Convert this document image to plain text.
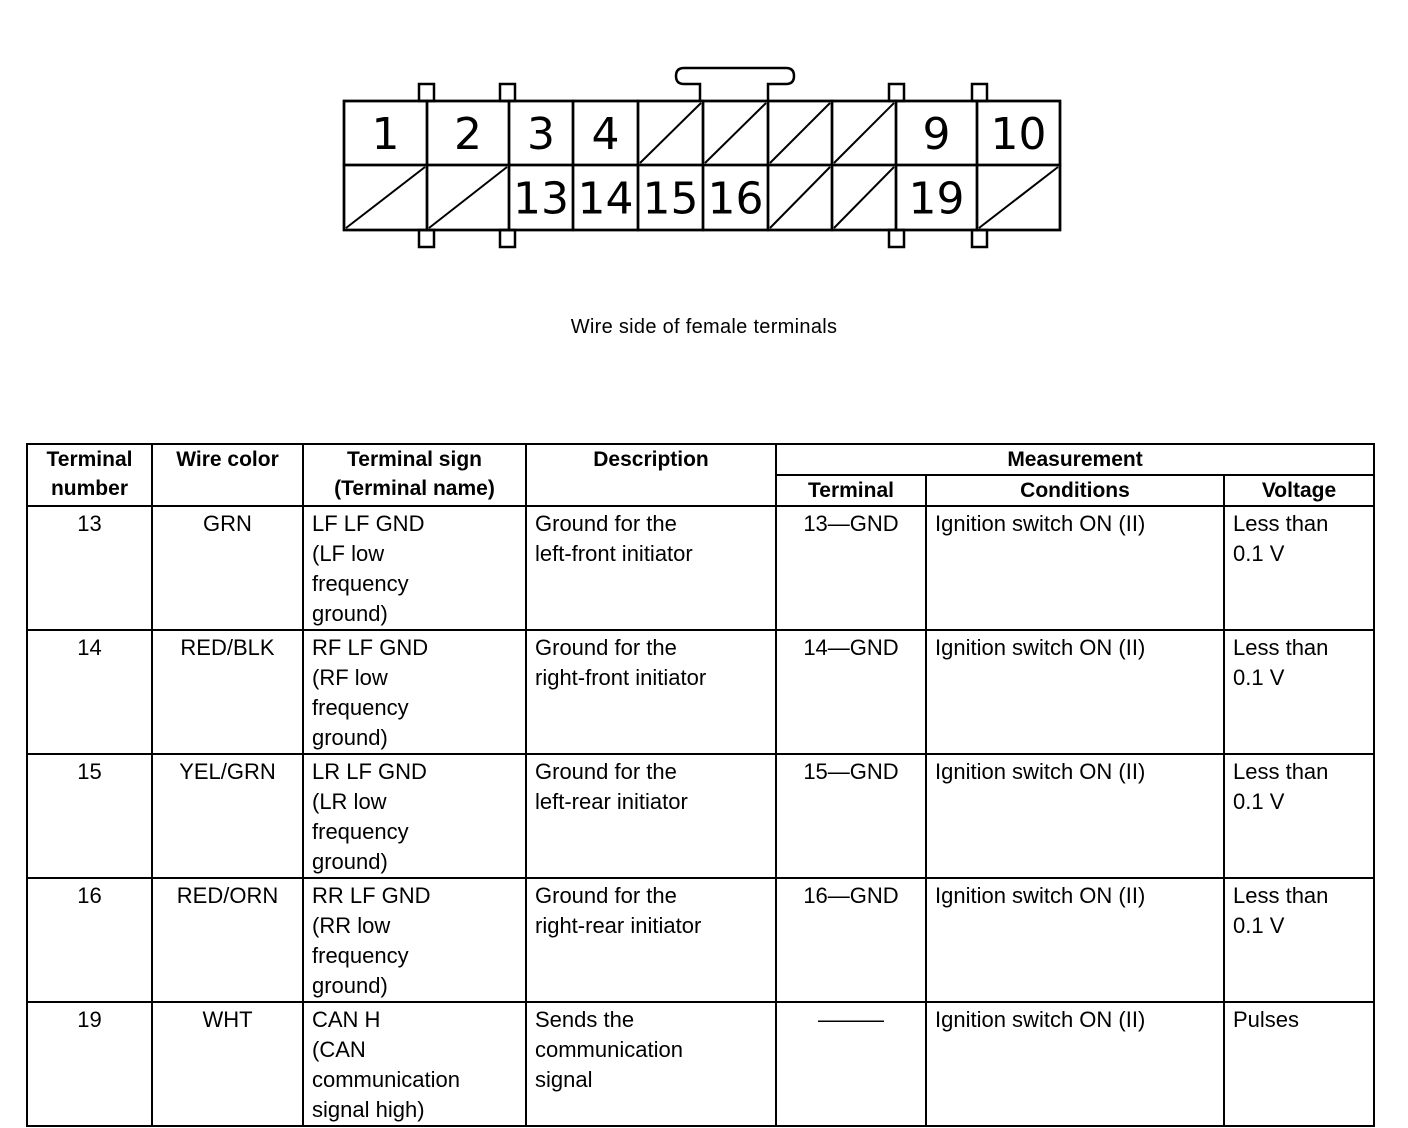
1 2 3 4	9 10
13 14 15 16	19
Wire side of female terminals
Terminal
number	Wire color	Terminal sign
(Terminal name)	Description	Measurement		
				Terminal	Conditions	Voltage
13	GRN	LF LF GND
(LF low
frequency
ground)	Ground for the
left-front initiator	13—GND	Ignition switch ON (II)	Less than
0.1 V

14	RED/BLK	RF LF GND
(RF low
frequency
ground)	Ground for the
right-front initiator	14—GND	Ignition switch ON (II)	Less than
0.1 V

15	YEL/GRN	LR LF GND
(LR low
frequency
ground)	Ground for the
left-rear initiator	15—GND	Ignition switch ON (II)	Less than
0.1 V

16	RED/ORN	RR LF GND
(RR low
frequency
ground)	Ground for the
right-rear initiator	16—GND	Ignition switch ON (II)	Less than
0.1 V

19	WHT	CAN H
(CAN
communication
signal high)	Sends the
communication
signal	———	Ignition switch ON (II)	Pulses
